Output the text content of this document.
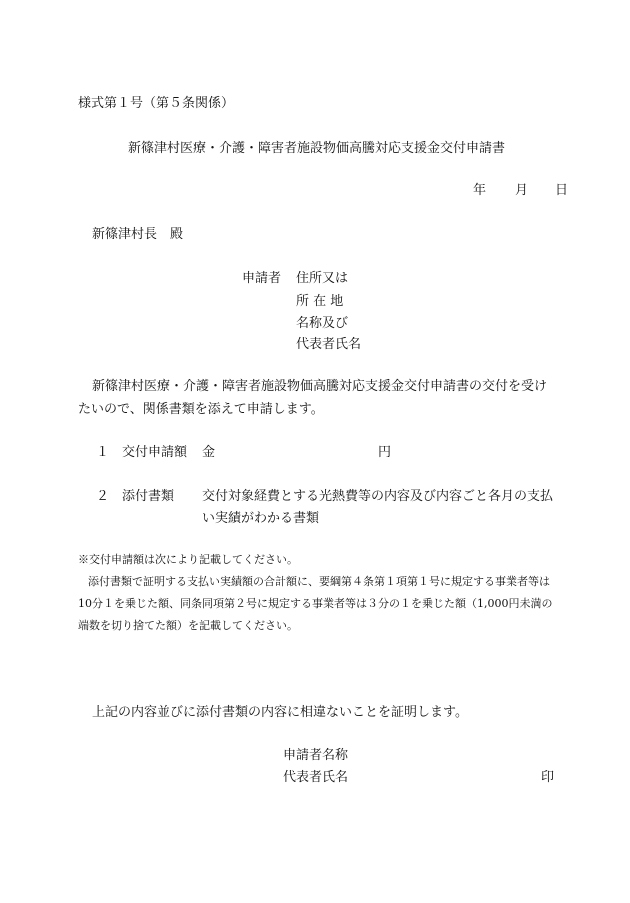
様式第１号（第５条関係）
新篠津村医療・介護・障害者施設物価高騰対応支援金交付申請書
年 月 日
新篠津村長　殿
申請者 住所又は
所 在 地
名称及び
代表者氏名
新篠津村医療・介護・障害者施設物価高騰対応支援金交付申請書の交付を受け
たいので、関係書類を添えて申請します。
１ 交付申請額 金	円
２ 添付書類 交付対象経費とする光熱費等の内容及び内容ごと各月の支払
い実績がわかる書類
※交付申請額は次により記載してください。
添付書類で証明する支払い実績額の合計額に、要綱第４条第１項第１号に規定する事業者等は
10分１を乗じた額、同条同項第２号に規定する事業者等は３分の１を乗じた額（1,000円未満の
端数を切り捨てた額）を記載してください。
上記の内容並びに添付書類の内容に相違ないことを証明します。
申請者名称
代表者氏名	印
